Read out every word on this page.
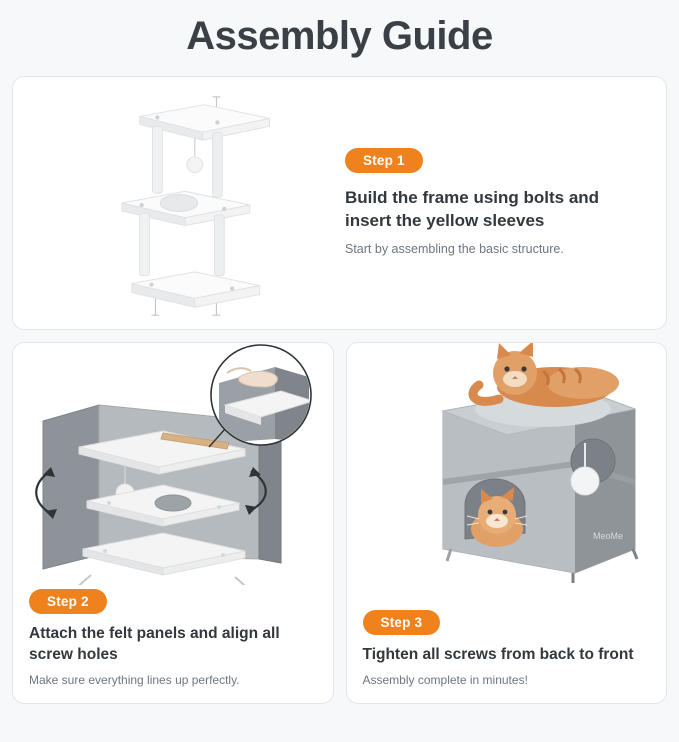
Assembly Guide
Step 1

Build the frame using bolts and insert the yellow sleeves

Start by assembling the basic structure.

Step 2

Attach the felt panels and align all screw holes

Make sure everything lines up perfectly.

MeoMe
Step 3

Tighten all screws from back to front

Assembly complete in minutes!
